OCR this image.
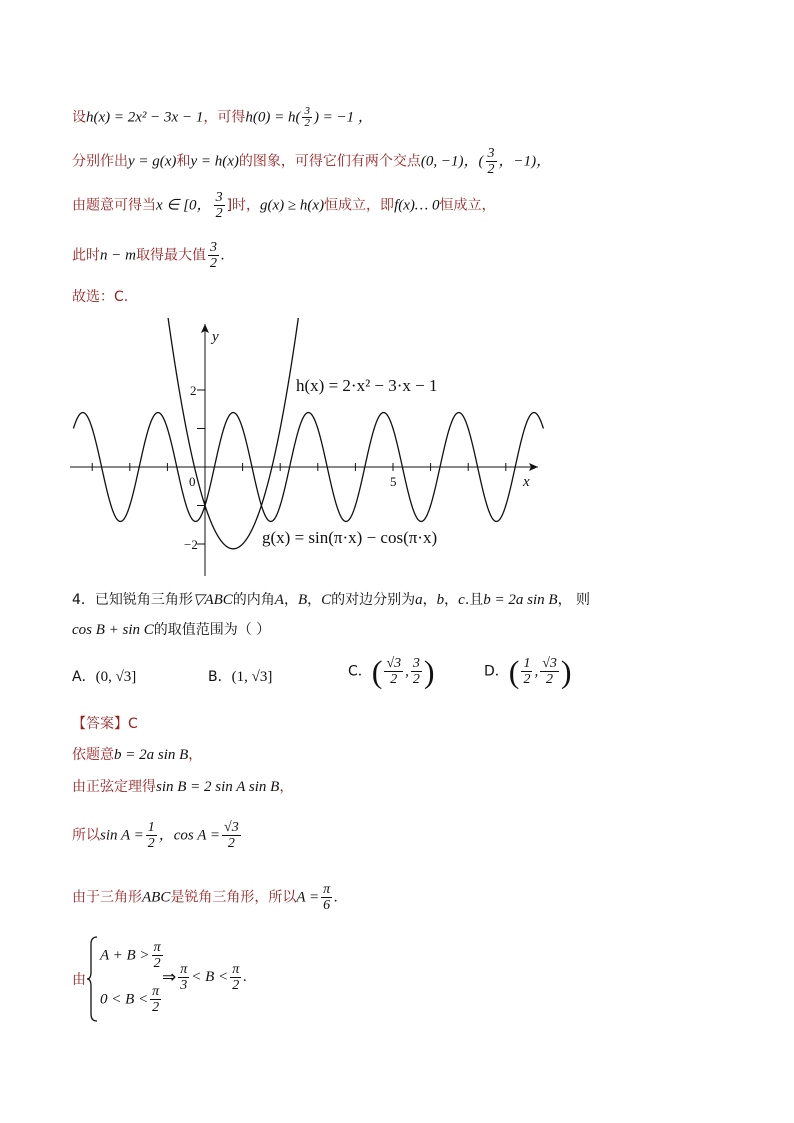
设h(x) = 2x² − 3x − 1，可得$h(0) = h( \frac{3}{2}$ ) = −1 ，
分别作出y = g(x)和y = h(x)的图象，可得它们有两个交点(0, −1)，( $\frac{3}{2}$ ，−1)，
由题意可得当x ∈ [0， $\frac{3}{2}$ ]时，g(x) ≥ h(x)恒成立，即f(x)… 0恒成立，
此时n − m取得最大值 $\frac{3}{2}$ .
故选：C.
y
x
0	5
2
−2
h(x) = 2·x² − 3·x − 1
g(x) = sin(π·x) − cos(π·x)
4．已知锐角三角形▽ABC的内角A，B，C的对边分别为a，b，c.且b = 2a sin B， 则
cos B + sin C的取值范围为（ ）
A．(0, √3]	B．(1, √3]	C．( $\frac{√3}{2}$ , $\frac{3}{2}$ )	D．( $\frac{1}{2}$ , $\frac{√3}{2}$ )
【答案】C
依题意b = 2a sin B，
由正弦定理得sin B = 2 sin A sin B，
所以$\sin A = \frac{1}{2}$ ，$\cos A = \frac{√3}{2}$
由于三角形ABC是锐角三角形，所以$A = \frac{\pi}{6}$ .
由
$A + B > \frac{\pi}{2}$
$0 < B < \frac{\pi}{2}$
⇒ $\frac{\pi}{3} < B < \frac{\pi}{2}$ .
